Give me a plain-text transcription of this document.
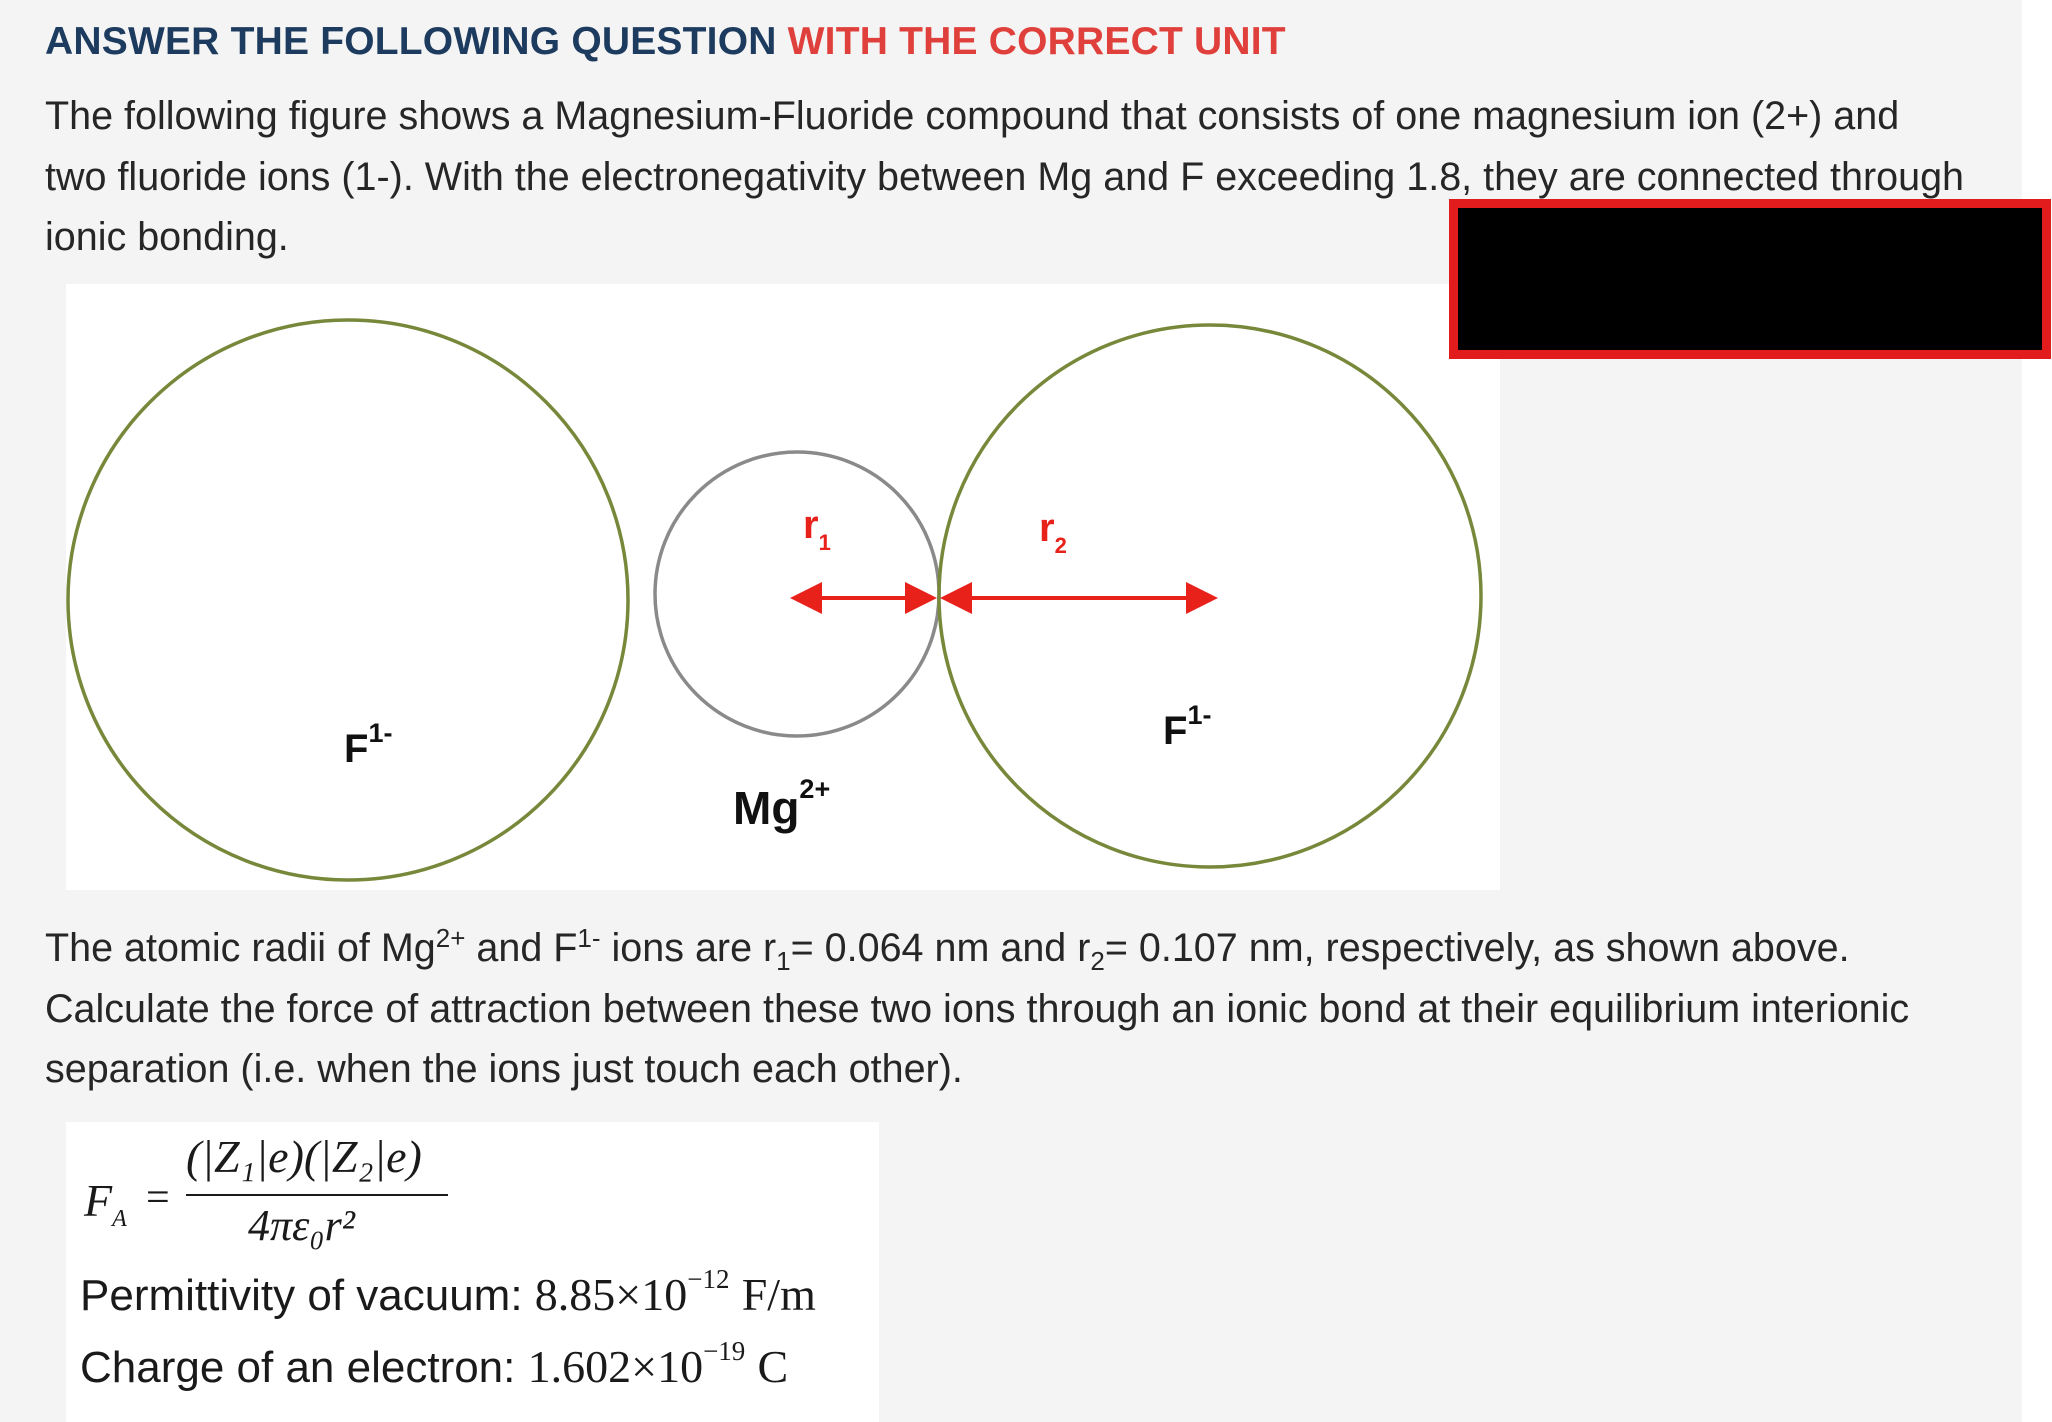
ANSWER THE FOLLOWING QUESTION WITH THE CORRECT UNIT
The following figure shows a Magnesium-Fluoride compound that consists of one magnesium ion (2+) and two fluoride ions (1-). With the electronegativity between Mg and F exceeding 1.8, they are connected through ionic bonding.
$r_1$	$r_2$
$F^{1-}$	$F^{1-}$
$Mg^{2+}$
The atomic radii of $Mg^{2+}$ and $F^{1-}$ ions are $r_1= 0.064$ nm and $r_2= 0.107$ nm, respectively, as shown above. Calculate the force of attraction between these two ions through an ionic bond at their equilibrium interionic separation (i.e. when the ions just touch each other).
$F_A$ =
(|Z₁|e)(|Z₂|e)
4πε₀r²
Permittivity of vacuum: $8.85\times 10^{-12}$ F/m
Charge of an electron: $1.602\times 10^{-19}$ C
